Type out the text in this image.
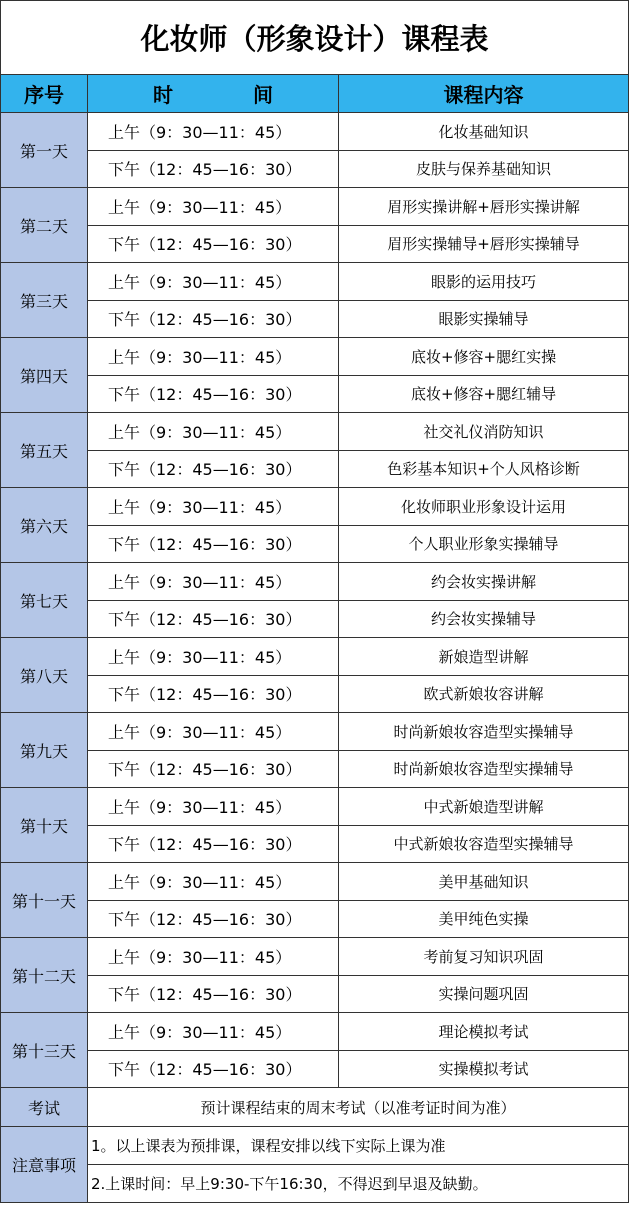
化妆师（形象设计）课程表		
序号	时 间	课程内容
第一天	上午（9：30—11：45）	化妆基础知识
	下午（12：45—16：30）	皮肤与保养基础知识
第二天	上午（9：30—11：45）	眉形实操讲解+唇形实操讲解
	下午（12：45—16：30）	眉形实操辅导+唇形实操辅导
第三天	上午（9：30—11：45）	眼影的运用技巧
	下午（12：45—16：30）	眼影实操辅导
第四天	上午（9：30—11：45）	底妆+修容+腮红实操
	下午（12：45—16：30）	底妆+修容+腮红辅导
第五天	上午（9：30—11：45）	社交礼仪消防知识
	下午（12：45—16：30）	色彩基本知识+个人风格诊断
第六天	上午（9：30—11：45）	化妆师职业形象设计运用
	下午（12：45—16：30）	个人职业形象实操辅导
第七天	上午（9：30—11：45）	约会妆实操讲解
	下午（12：45—16：30）	约会妆实操辅导
第八天	上午（9：30—11：45）	新娘造型讲解
	下午（12：45—16：30）	欧式新娘妆容讲解
第九天	上午（9：30—11：45）	时尚新娘妆容造型实操辅导
	下午（12：45—16：30）	时尚新娘妆容造型实操辅导
第十天	上午（9：30—11：45）	中式新娘造型讲解
	下午（12：45—16：30）	中式新娘妆容造型实操辅导
第十一天	上午（9：30—11：45）	美甲基础知识
	下午（12：45—16：30）	美甲纯色实操
第十二天	上午（9：30—11：45）	考前复习知识巩固
	下午（12：45—16：30）	实操问题巩固
第十三天	上午（9：30—11：45）	理论模拟考试
	下午（12：45—16：30）	实操模拟考试
考试	预计课程结束的周末考试（以准考证时间为准）	
注意事项	1。以上课表为预排课，课程安排以线下实际上课为准	
	2.上课时间：早上9:30-下午16:30，不得迟到早退及缺勤。	
